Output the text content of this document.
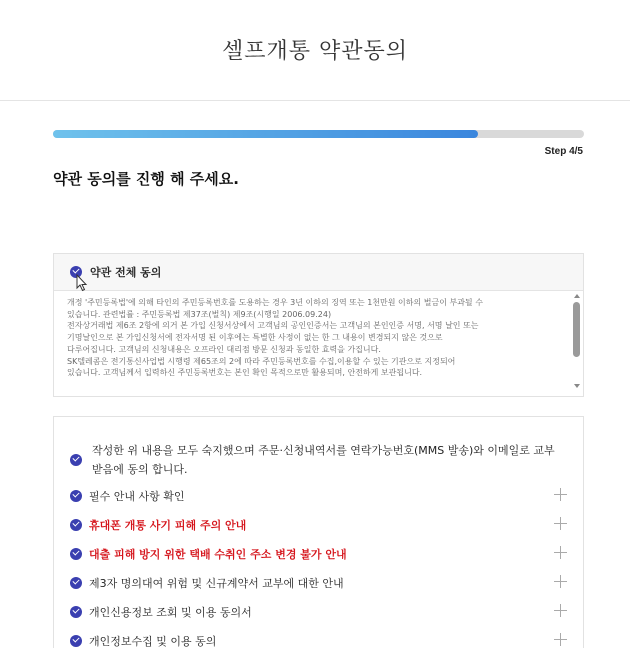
셀프개통 약관동의
Step 4/5
약관 동의를 진행 해 주세요.
약관 전체 동의
개정 '주민등록법'에 의해 타인의 주민등록번호를 도용하는 경우 3년 이하의 징역 또는 1천만원 이하의 벌금이 부과될 수
있습니다. 관련법률 : 주민등록법 제37조(벌칙) 제9조(시행일 2006.09.24)
전자상거래법 제6조 2항에 의거 본 가입 신청서상에서 고객님의 공인인증서는 고객님의 본인인증 서명, 서명 날인 또는
기명날인으로 본 가입신청서에 전자서명 된 이후에는 특별한 사정이 없는 한 그 내용이 변경되지 않은 것으로
다루어집니다. 고객님의 신청내용은 오프라인 대리점 방문 신청과 동일한 효력을 가집니다.
SK텔레콤은 전기통신사업법 시행령 제65조의 2에 따라 주민등록번호를 수집,이용할 수 있는 기관으로 지정되어
있습니다. 고객님께서 입력하신 주민등록번호는 본인 확인 목적으로만 활용되며, 안전하게 보관됩니다.
작성한 위 내용을 모두 숙지했으며 주문·신청내역서를 연락가능번호(MMS 발송)와 이메일로 교부 받음에 동의 합니다.
필수 안내 사항 확인
휴대폰 개통 사기 피해 주의 안내
대출 피해 방지 위한 택배 수취인 주소 변경 불가 안내
제3자 명의대여 위험 및 신규계약서 교부에 대한 안내
개인신용정보 조회 및 이용 동의서
개인정보수집 및 이용 동의
